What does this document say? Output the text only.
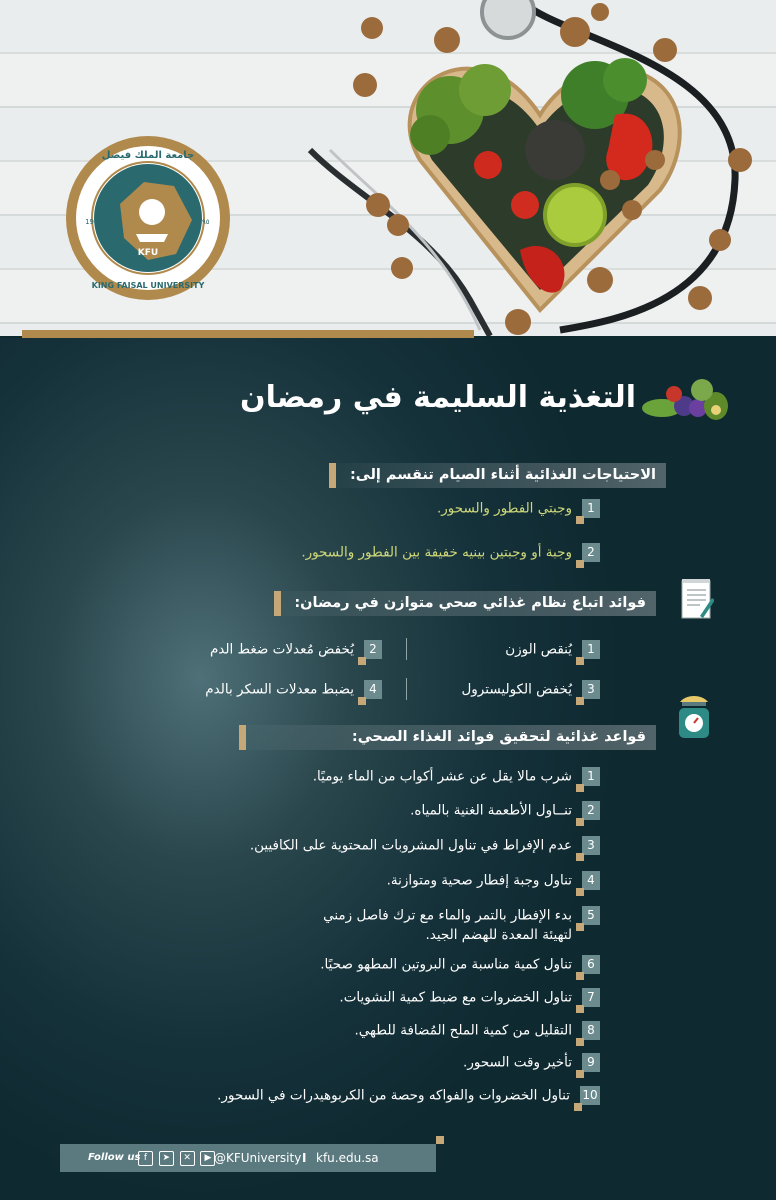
KFU
جامعة الملك فيصل
KING FAISAL UNIVERSITY
1975	١٣٩٥
التغذية السليمة في رمضان
الاحتياجات الغذائية أثناء الصيام تنقسم إلى:
1وجبتي الفطور والسحور.
2وجبة أو وجبتين بينيه خفيفة بين الفطور والسحور.
فوائد اتباع نظام غذائي صحي متوازن في رمضان:
1يُنقص الوزن
2يُخفض مُعدلات ضغط الدم
3يُخفض الكوليسترول
4يضبط معدلات السكر بالدم
قواعد غذائية لتحقيق فوائد الغذاء الصحي:
1شرب مالا يقل عن عشر أكواب من الماء يوميًا.
2تنــاول الأطعمة الغنية بالمياه.
3عدم الإفراط في تناول المشروبات المحتوية على الكافيين.
4تناول وجبة إفطار صحية ومتوازنة.
5بدء الإفطار بالتمر والماء مع ترك فاصل زمني
لتهيئة المعدة للهضم الجيد.
6تناول كمية مناسبة من البروتين المطهو صحيًا.
7تناول الخضروات مع ضبط كمية النشويات.
8التقليل من كمية الملح المُضافة للطهي.
9تأخير وقت السحور.
10تناول الخضروات والفواكه وحصة من الكربوهيدرات في السحور.
Follow us f ➤ ✕ ▶ @KFUniversity I kfu.edu.sa
